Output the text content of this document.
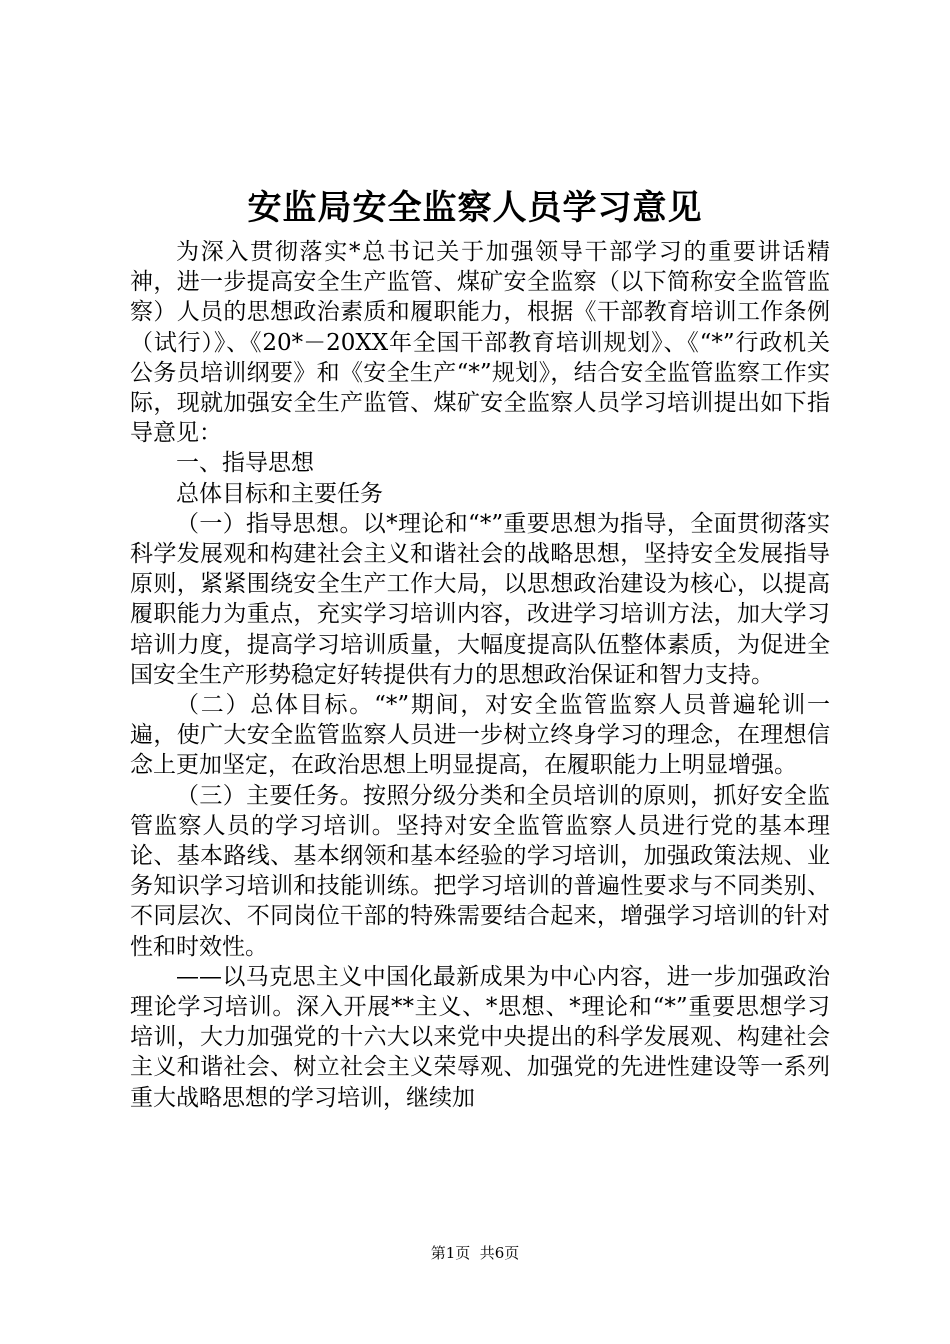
安监局安全监察人员学习意见

为深入贯彻落实*总书记关于加强领导干部学习的重要讲话精神，进一步提高安全生产监管、煤矿安全监察（以下简称安全监管监察）人员的思想政治素质和履职能力，根据《干部教育培训工作条例（试行）》、《20*－20XX年全国干部教育培训规划》、《“*”行政机关公务员培训纲要》和《安全生产“*”规划》，结合安全监管监察工作实际，现就加强安全生产监管、煤矿安全监察人员学习培训提出如下指导意见：

一、指导思想

总体目标和主要任务

（一）指导思想。以*理论和“*”重要思想为指导，全面贯彻落实科学发展观和构建社会主义和谐社会的战略思想，坚持安全发展指导原则，紧紧围绕安全生产工作大局，以思想政治建设为核心，以提高履职能力为重点，充实学习培训内容，改进学习培训方法，加大学习培训力度，提高学习培训质量，大幅度提高队伍整体素质，为促进全国安全生产形势稳定好转提供有力的思想政治保证和智力支持。

（二）总体目标。“*”期间，对安全监管监察人员普遍轮训一遍，使广大安全监管监察人员进一步树立终身学习的理念，在理想信念上更加坚定，在政治思想上明显提高，在履职能力上明显增强。

（三）主要任务。按照分级分类和全员培训的原则，抓好安全监管监察人员的学习培训。坚持对安全监管监察人员进行党的基本理论、基本路线、基本纲领和基本经验的学习培训，加强政策法规、业务知识学习培训和技能训练。把学习培训的普遍性要求与不同类别、不同层次、不同岗位干部的特殊需要结合起来，增强学习培训的针对性和时效性。

——以马克思主义中国化最新成果为中心内容，进一步加强政治理论学习培训。深入开展**主义、*思想、*理论和“*”重要思想学习培训，大力加强党的十六大以来党中央提出的科学发展观、构建社会主义和谐社会、树立社会主义荣辱观、加强党的先进性建设等一系列重大战略思想的学习培训，继续加

第1页  共6页
